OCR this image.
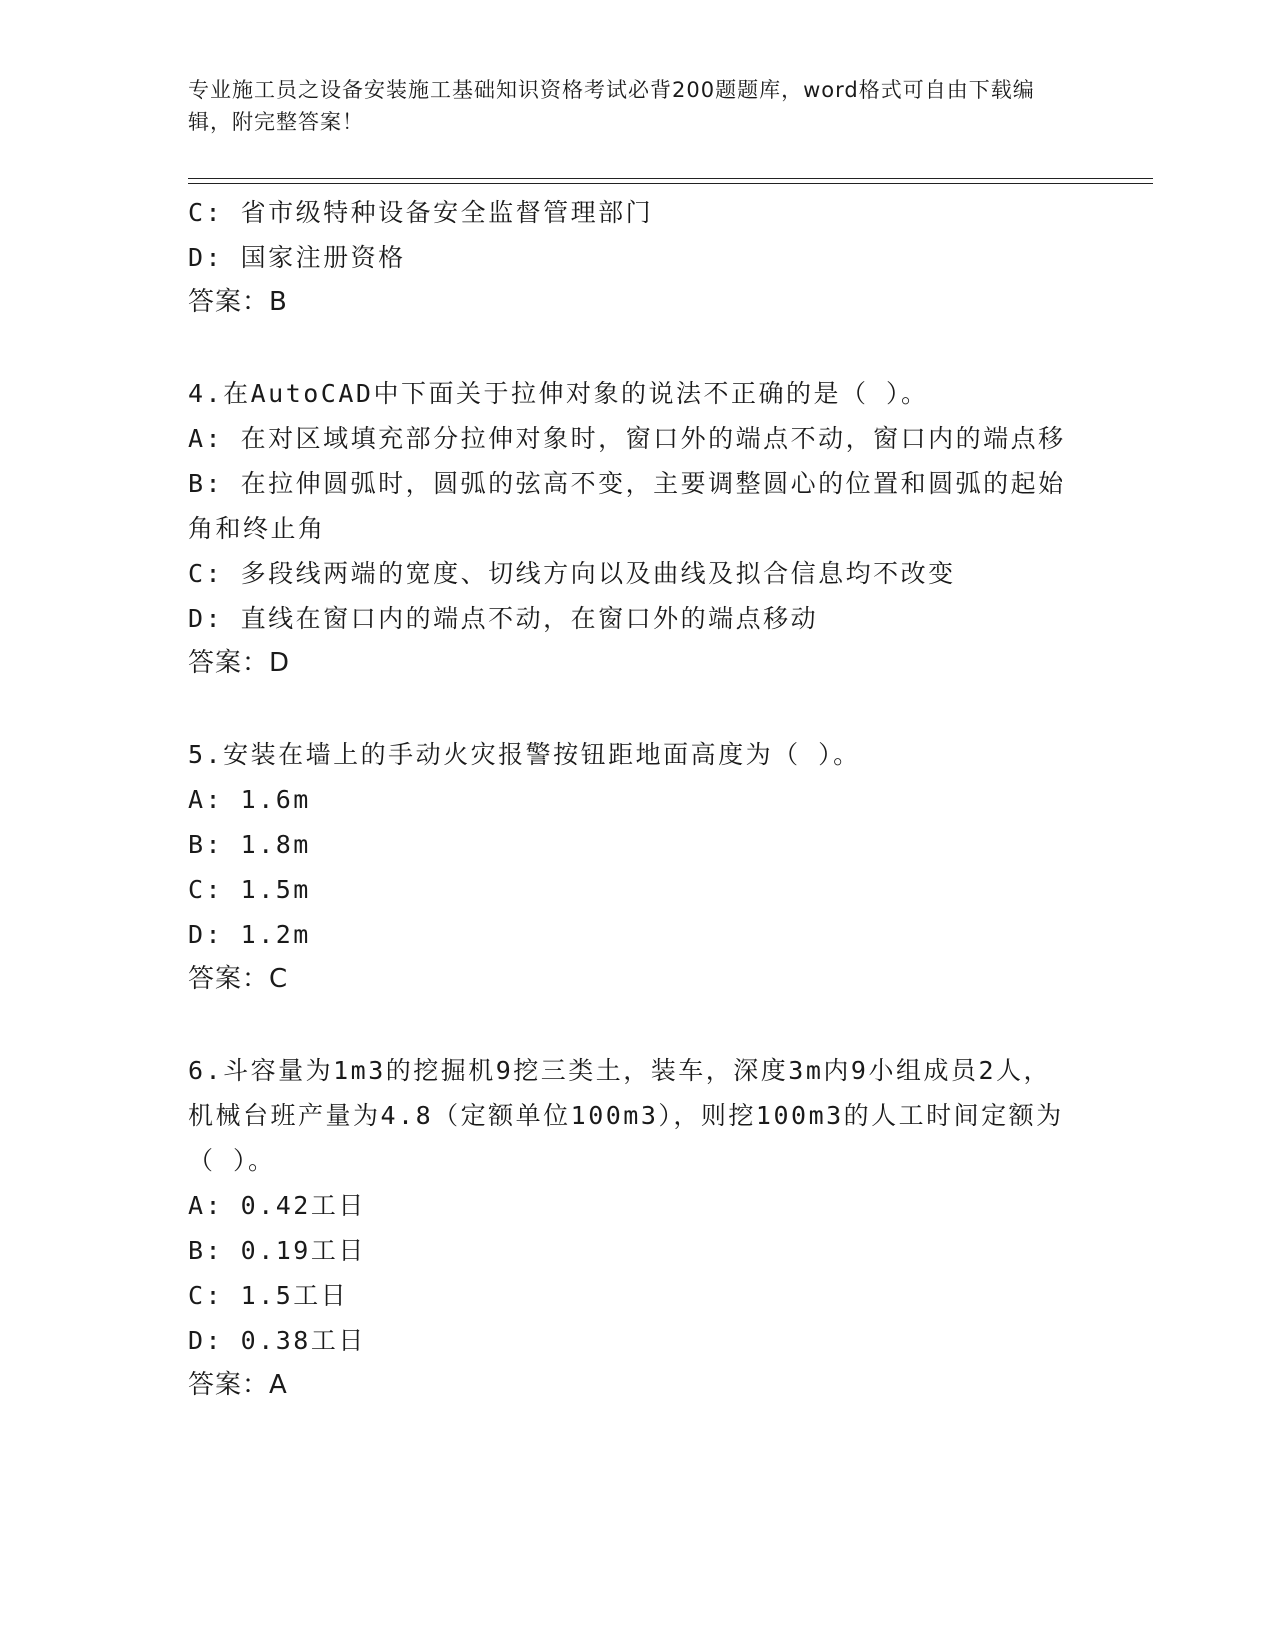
专业施工员之设备安装施工基础知识资格考试必背200题题库，word格式可自由下载编辑，附完整答案！
C: 省市级特种设备安全监督管理部门
D: 国家注册资格
答案：B
4.在AutoCAD中下面关于拉伸对象的说法不正确的是（ ）。
A: 在对区域填充部分拉伸对象时，窗口外的端点不动，窗口内的端点移
B: 在拉伸圆弧时，圆弧的弦高不变，主要调整圆心的位置和圆弧的起始角和终止角
C: 多段线两端的宽度、切线方向以及曲线及拟合信息均不改变
D: 直线在窗口内的端点不动，在窗口外的端点移动
答案：D
5.安装在墙上的手动火灾报警按钮距地面高度为（ ）。
A: 1.6m
B: 1.8m
C: 1.5m
D: 1.2m
答案：C
6.斗容量为1m3的挖掘机9挖三类土，装车，深度3m内9小组成员2人，机械台班产量为4.8（定额单位100m3），则挖100m3的人工时间定额为（ ）。
A: 0.42工日
B: 0.19工日
C: 1.5工日
D: 0.38工日
答案：A
